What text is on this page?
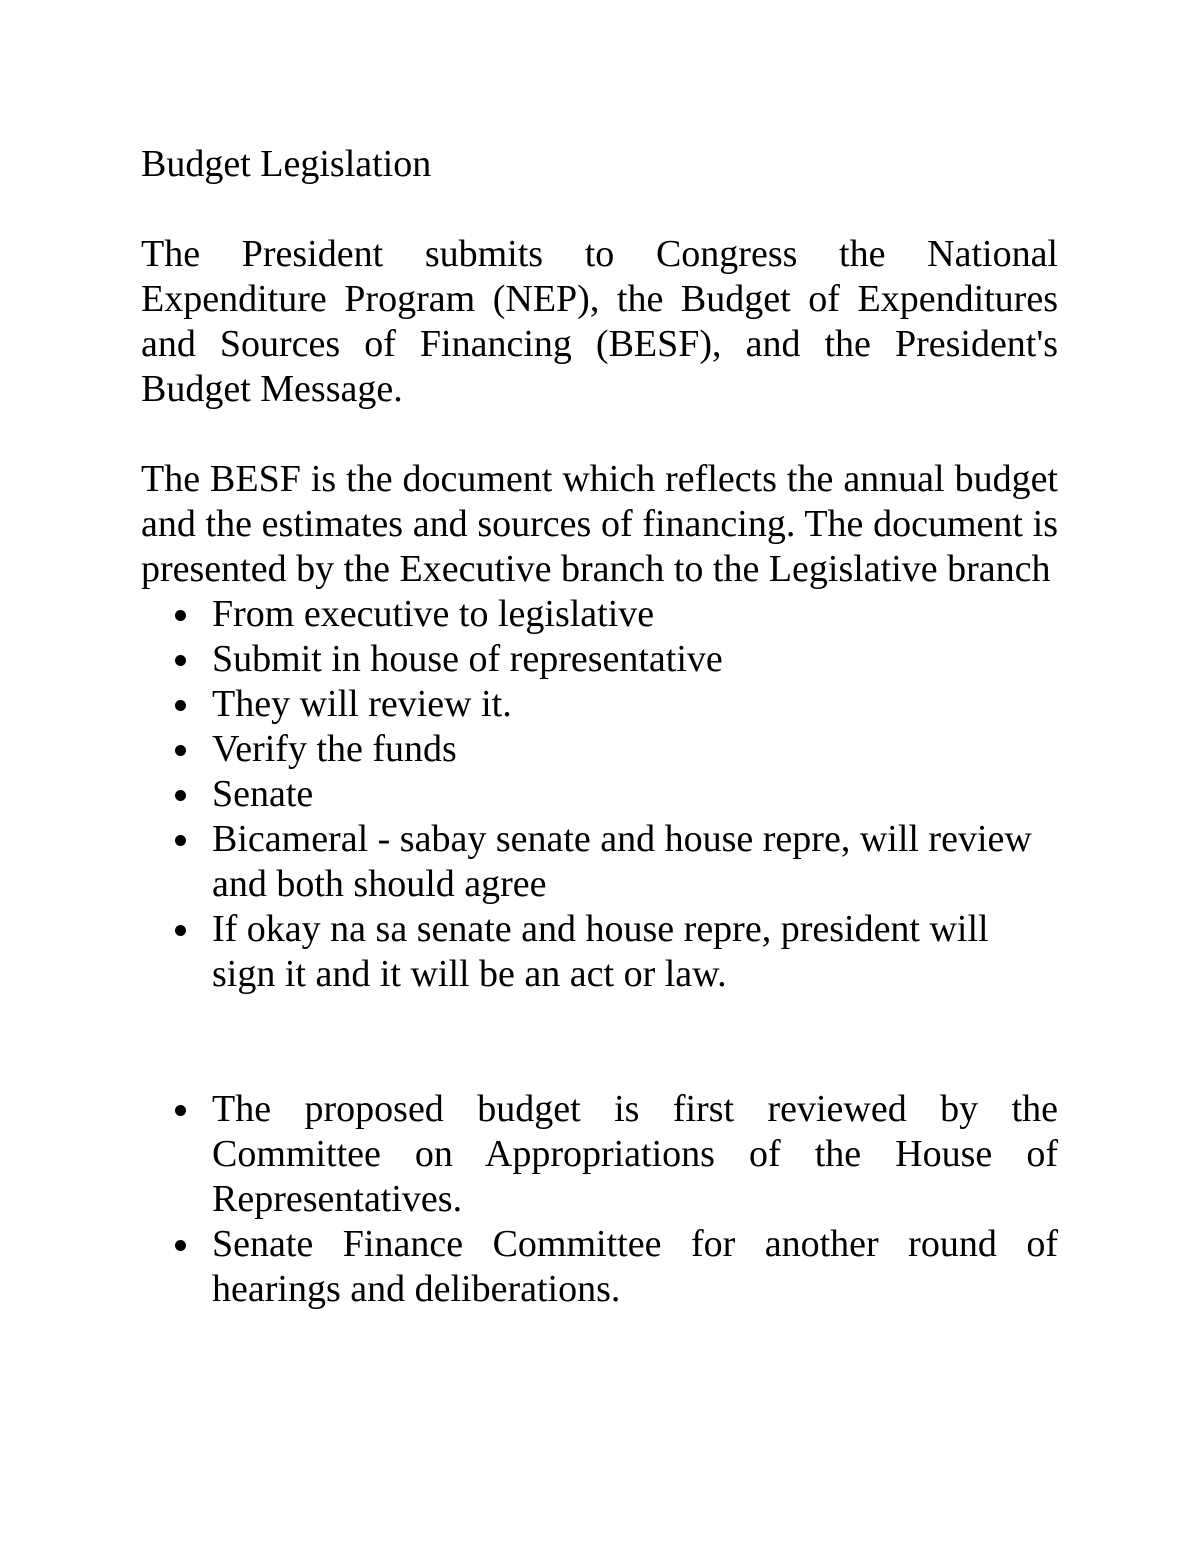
Budget Legislation

The President submits to Congress the National Expenditure Program (NEP), the Budget of Expenditures and Sources of Financing (BESF), and the President's Budget Message.

The BESF is the document which reflects the annual budget and the estimates and sources of financing. The document is presented by the Executive branch to the Legislative branch

From executive to legislative
Submit in house of representative
They will review it.
Verify the funds
Senate
Bicameral - sabay senate and house repre, will review and both should agree
If okay na sa senate and house repre, president will sign it and it will be an act or law.
The proposed budget is first reviewed by the Committee on Appropriations of the House of Representatives.
Senate Finance Committee for another round of hearings and deliberations.
